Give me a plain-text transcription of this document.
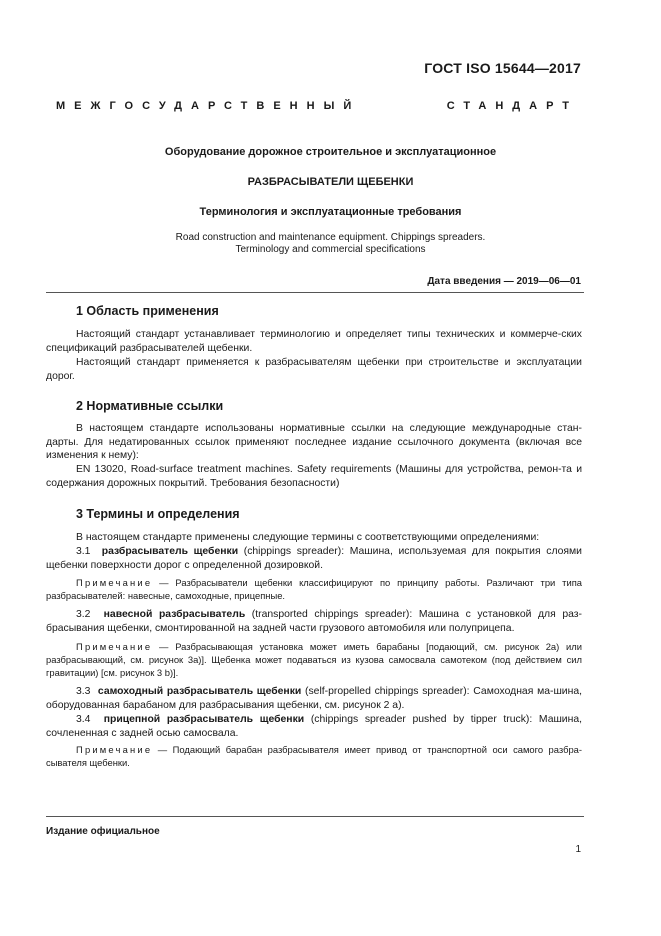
ГОСТ ISO 15644—2017
МЕЖГОСУДАРСТВЕННЫЙ СТАНДАРТ
Оборудование дорожное строительное и эксплуатационное
РАЗБРАСЫВАТЕЛИ ЩЕБЕНКИ
Терминология и эксплуатационные требования
Road construction and maintenance equipment. Chippings spreaders.
Terminology and commercial specifications
Дата введения — 2019—06—01
1 Область применения
Настоящий стандарт устанавливает терминологию и определяет типы технических и коммерче-ских спецификаций разбрасывателей щебенки.
Настоящий стандарт применяется к разбрасывателям щебенки при строительстве и эксплуатации дорог.
2 Нормативные ссылки
В настоящем стандарте использованы нормативные ссылки на следующие международные стан-дарты. Для недатированных ссылок применяют последнее издание ссылочного документа (включая все изменения к нему):
EN 13020, Road-surface treatment machines. Safety requirements (Машины для устройства, ремон-та и содержания дорожных покрытий. Требования безопасности)
3 Термины и определения
В настоящем стандарте применены следующие термины с соответствующими определениями:
3.1 разбрасыватель щебенки (chippings spreader): Машина, используемая для покрытия слоями щебенки поверхности дорог с определенной дозировкой.
Примечание — Разбрасыватели щебенки классифицируют по принципу работы. Различают три типа разбрасывателей: навесные, самоходные, прицепные.
3.2 навесной разбрасыватель (transported chippings spreader): Машина с установкой для раз-брасывания щебенки, смонтированной на задней части грузового автомобиля или полуприцепа.
Примечание — Разбрасывающая установка может иметь барабаны [подающий, см. рисунок 2а) или разбрасывающий, см. рисунок 3а)]. Щебенка может подаваться из кузова самосвала самотеком (под действием сил гравитации) [см. рисунок 3 b)].
3.3 самоходный разбрасыватель щебенки (self-propelled chippings spreader): Самоходная ма-шина, оборудованная барабаном для разбрасывания щебенки, см. рисунок 2 а).
3.4 прицепной разбрасыватель щебенки (chippings spreader pushed by tipper truck): Машина, сочлененная с задней осью самосвала.
Примечание — Подающий барабан разбрасывателя имеет привод от транспортной оси самого разбра-сывателя щебенки.
Издание официальное
1
